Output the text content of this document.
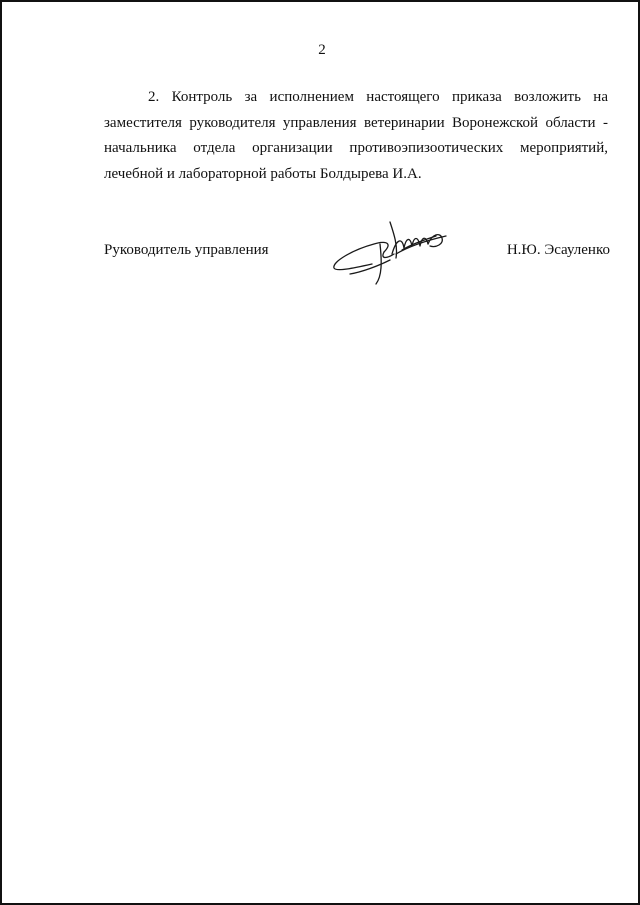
2

2. Контроль за исполнением настоящего приказа возложить на заместителя руководителя управления ветеринарии Воронежской области - начальника отдела организации противоэпизоотических мероприятий, лечебной и лабораторной работы Болдырева И.А.

Руководитель управления	Н.Ю. Эсауленко
